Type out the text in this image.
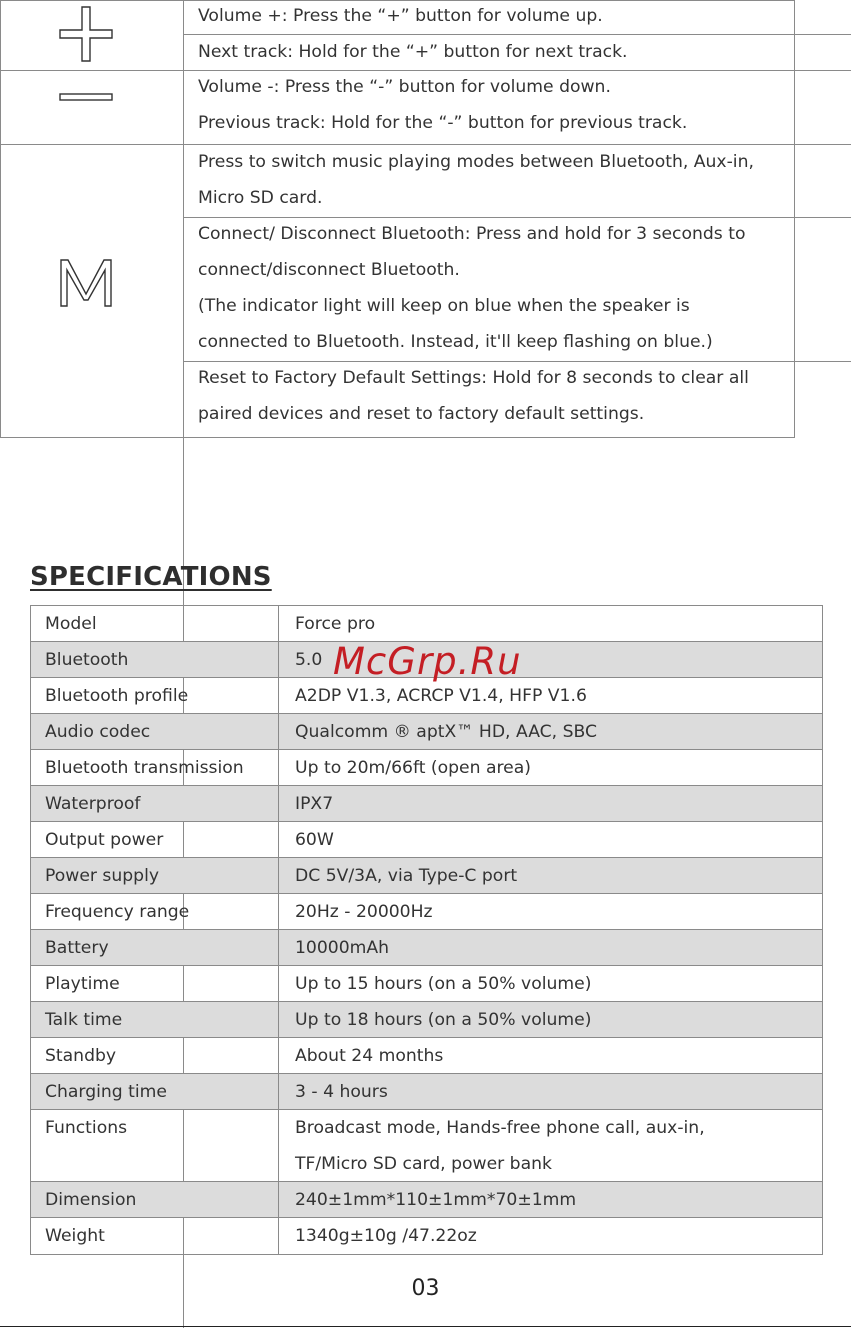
Volume +: Press the “+” button for volume up.
Next track: Hold for the “+” button for next track.
Volume -: Press the “-” button for volume down.
Previous track: Hold for the “-” button for previous track.
Press to switch music playing modes between Bluetooth, Aux-in,
Micro SD card.
Connect/ Disconnect Bluetooth: Press and hold for 3 seconds to
connect/disconnect Bluetooth.
(The indicator light will keep on blue when the speaker is
connected to Bluetooth. Instead, it'll keep flashing on blue.)
Reset to Factory Default Settings: Hold for 8 seconds to clear all
paired devices and reset to factory default settings.
SPECIFICATIONS
Model	Force pro
Bluetooth	5.0
Bluetooth profile	A2DP V1.3, ACRCP V1.4, HFP V1.6
Audio codec	Qualcomm ® aptX™ HD, AAC, SBC
Bluetooth transmission	Up to 20m/66ft (open area)
Waterproof	IPX7
Output power	60W
Power supply	DC 5V/3A, via Type-C port
Frequency range	20Hz - 20000Hz
Battery	10000mAh
Playtime	Up to 15 hours (on a 50% volume)
Talk time	Up to 18 hours (on a 50% volume)
Standby	About 24 months
Charging time	3 - 4 hours
Functions	Broadcast mode, Hands-free phone call, aux-in,
TF/Micro SD card, power bank
Dimension	240±1mm*110±1mm*70±1mm
Weight	1340g±10g /47.22oz
McGrp.Ru
03
